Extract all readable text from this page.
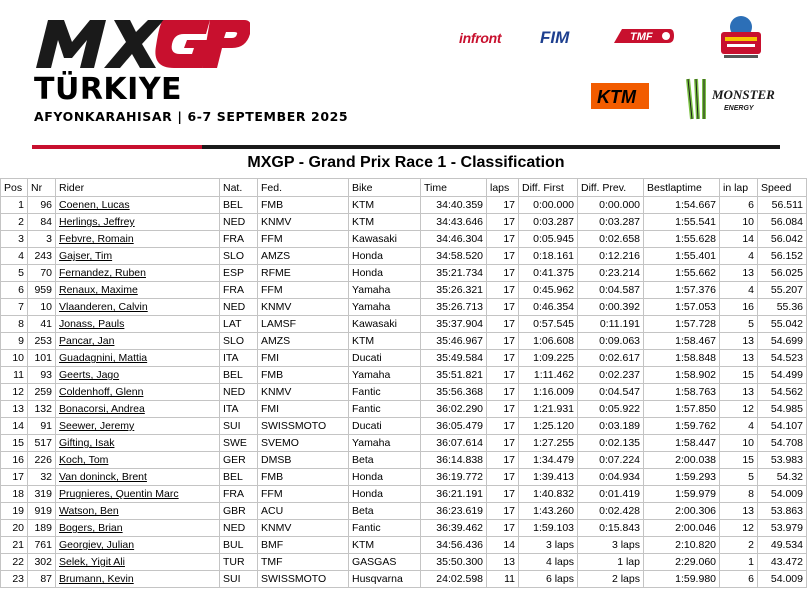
TÜRKIYE
AFYONKARAHISAR | 6-7 SEPTEMBER 2025
infront FIM	TMF
KTM	MONSTER
ENERGY
MXGP - Grand Prix Race 1 - Classification
Pos	Nr	Rider	Nat.	Fed.	Bike	Time	laps	Diff. First	Diff. Prev.	Bestlaptime	in lap	Speed
1	96	Coenen, Lucas	BEL	FMB	KTM	34:40.359	17	0:00.000	0:00.000	1:54.667	6	56.511
2	84	Herlings, Jeffrey	NED	KNMV	KTM	34:43.646	17	0:03.287	0:03.287	1:55.541	10	56.084
3	3	Febvre, Romain	FRA	FFM	Kawasaki	34:46.304	17	0:05.945	0:02.658	1:55.628	14	56.042
4	243	Gajser, Tim	SLO	AMZS	Honda	34:58.520	17	0:18.161	0:12.216	1:55.401	4	56.152
5	70	Fernandez, Ruben	ESP	RFME	Honda	35:21.734	17	0:41.375	0:23.214	1:55.662	13	56.025
6	959	Renaux, Maxime	FRA	FFM	Yamaha	35:26.321	17	0:45.962	0:04.587	1:57.376	4	55.207
7	10	Vlaanderen, Calvin	NED	KNMV	Yamaha	35:26.713	17	0:46.354	0:00.392	1:57.053	16	55.36
8	41	Jonass, Pauls	LAT	LAMSF	Kawasaki	35:37.904	17	0:57.545	0:11.191	1:57.728	5	55.042
9	253	Pancar, Jan	SLO	AMZS	KTM	35:46.967	17	1:06.608	0:09.063	1:58.467	13	54.699
10	101	Guadagnini, Mattia	ITA	FMI	Ducati	35:49.584	17	1:09.225	0:02.617	1:58.848	13	54.523
11	93	Geerts, Jago	BEL	FMB	Yamaha	35:51.821	17	1:11.462	0:02.237	1:58.902	15	54.499
12	259	Coldenhoff, Glenn	NED	KNMV	Fantic	35:56.368	17	1:16.009	0:04.547	1:58.763	13	54.562
13	132	Bonacorsi, Andrea	ITA	FMI	Fantic	36:02.290	17	1:21.931	0:05.922	1:57.850	12	54.985
14	91	Seewer, Jeremy	SUI	SWISSMOTO	Ducati	36:05.479	17	1:25.120	0:03.189	1:59.762	4	54.107
15	517	Gifting, Isak	SWE	SVEMO	Yamaha	36:07.614	17	1:27.255	0:02.135	1:58.447	10	54.708
16	226	Koch, Tom	GER	DMSB	Beta	36:14.838	17	1:34.479	0:07.224	2:00.038	15	53.983
17	32	Van doninck, Brent	BEL	FMB	Honda	36:19.772	17	1:39.413	0:04.934	1:59.293	5	54.32
18	319	Prugnieres, Quentin Marc	FRA	FFM	Honda	36:21.191	17	1:40.832	0:01.419	1:59.979	8	54.009
19	919	Watson, Ben	GBR	ACU	Beta	36:23.619	17	1:43.260	0:02.428	2:00.306	13	53.863
20	189	Bogers, Brian	NED	KNMV	Fantic	36:39.462	17	1:59.103	0:15.843	2:00.046	12	53.979
21	761	Georgiev, Julian	BUL	BMF	KTM	34:56.436	14	3 laps	3 laps	2:10.820	2	49.534
22	302	Selek, Yigit Ali	TUR	TMF	GASGAS	35:50.300	13	4 laps	1 lap	2:29.060	1	43.472
23	87	Brumann, Kevin	SUI	SWISSMOTO	Husqvarna	24:02.598	11	6 laps	2 laps	1:59.980	6	54.009
